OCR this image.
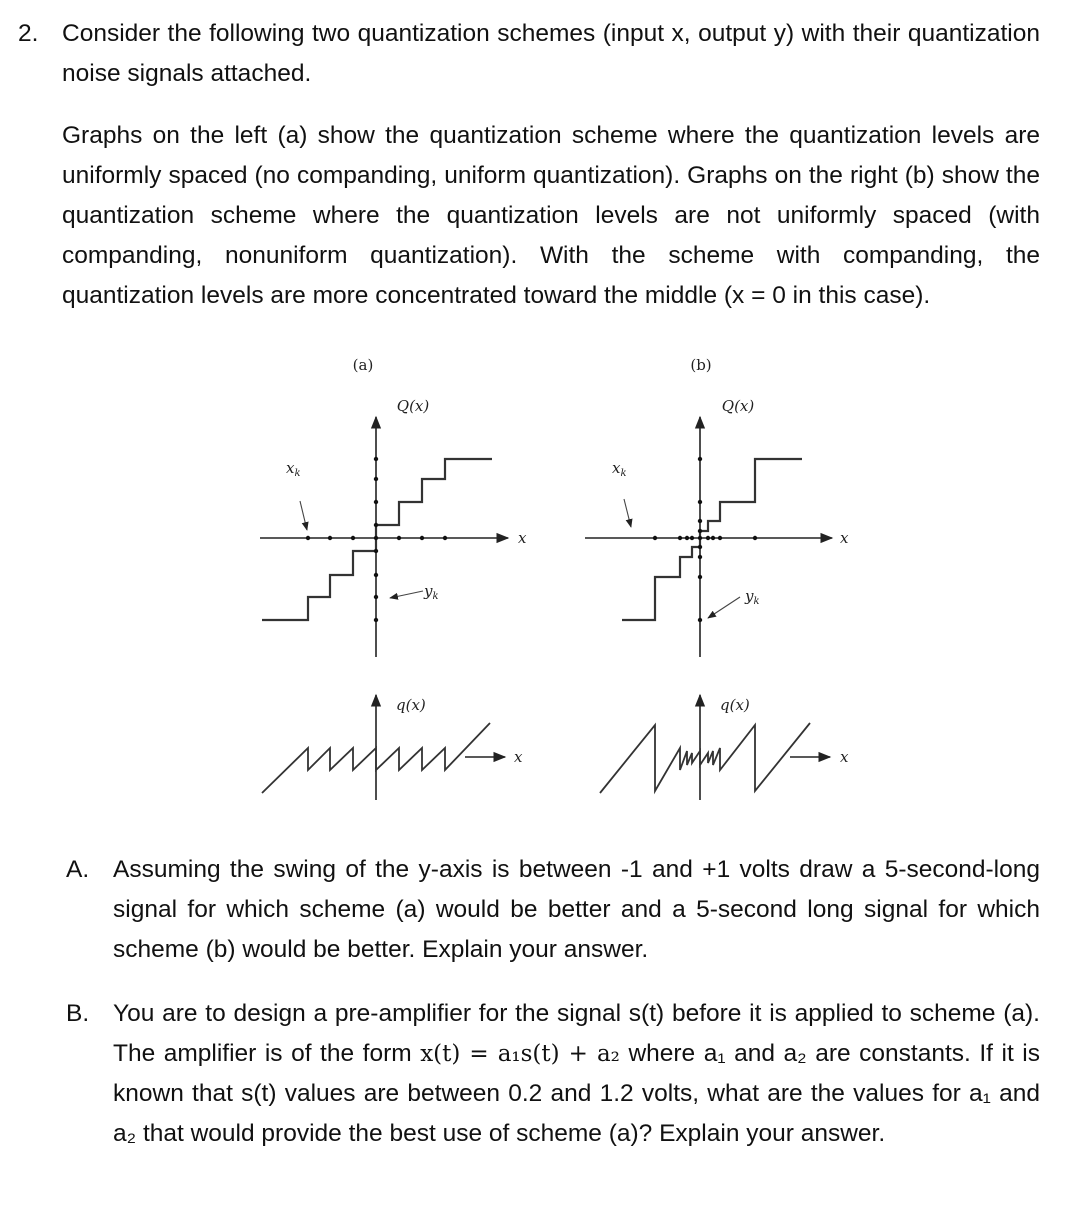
2. Consider the following two quantization schemes (input x, output y) with their quantization noise signals attached.
Graphs on the left (a) show the quantization scheme where the quantization levels are uniformly spaced (no companding, uniform quantization). Graphs on the right (b) show the quantization scheme where the quantization levels are not uniformly spaced (with companding, nonuniform quantization). With the scheme with companding, the quantization levels are more concentrated toward the middle (x = 0 in this case).
(a)
Q(x)
x
$x_k$
$y_k$
q(x)
x
(b)
Q(x)
x
$x_k$
$y_k$
q(x)
x
A. Assuming the swing of the y-axis is between -1 and +1 volts draw a 5-second-long signal for which scheme (a) would be better and a 5-second long signal for which scheme (b) would be better. Explain your answer.
B. You are to design a pre-amplifier for the signal s(t) before it is applied to scheme (a). The amplifier is of the form x(t) = a₁s(t) + a₂ where a₁ and a₂ are constants. If it is known that s(t) values are between 0.2 and 1.2 volts, what are the values for a₁ and a₂ that would provide the best use of scheme (a)? Explain your answer.
